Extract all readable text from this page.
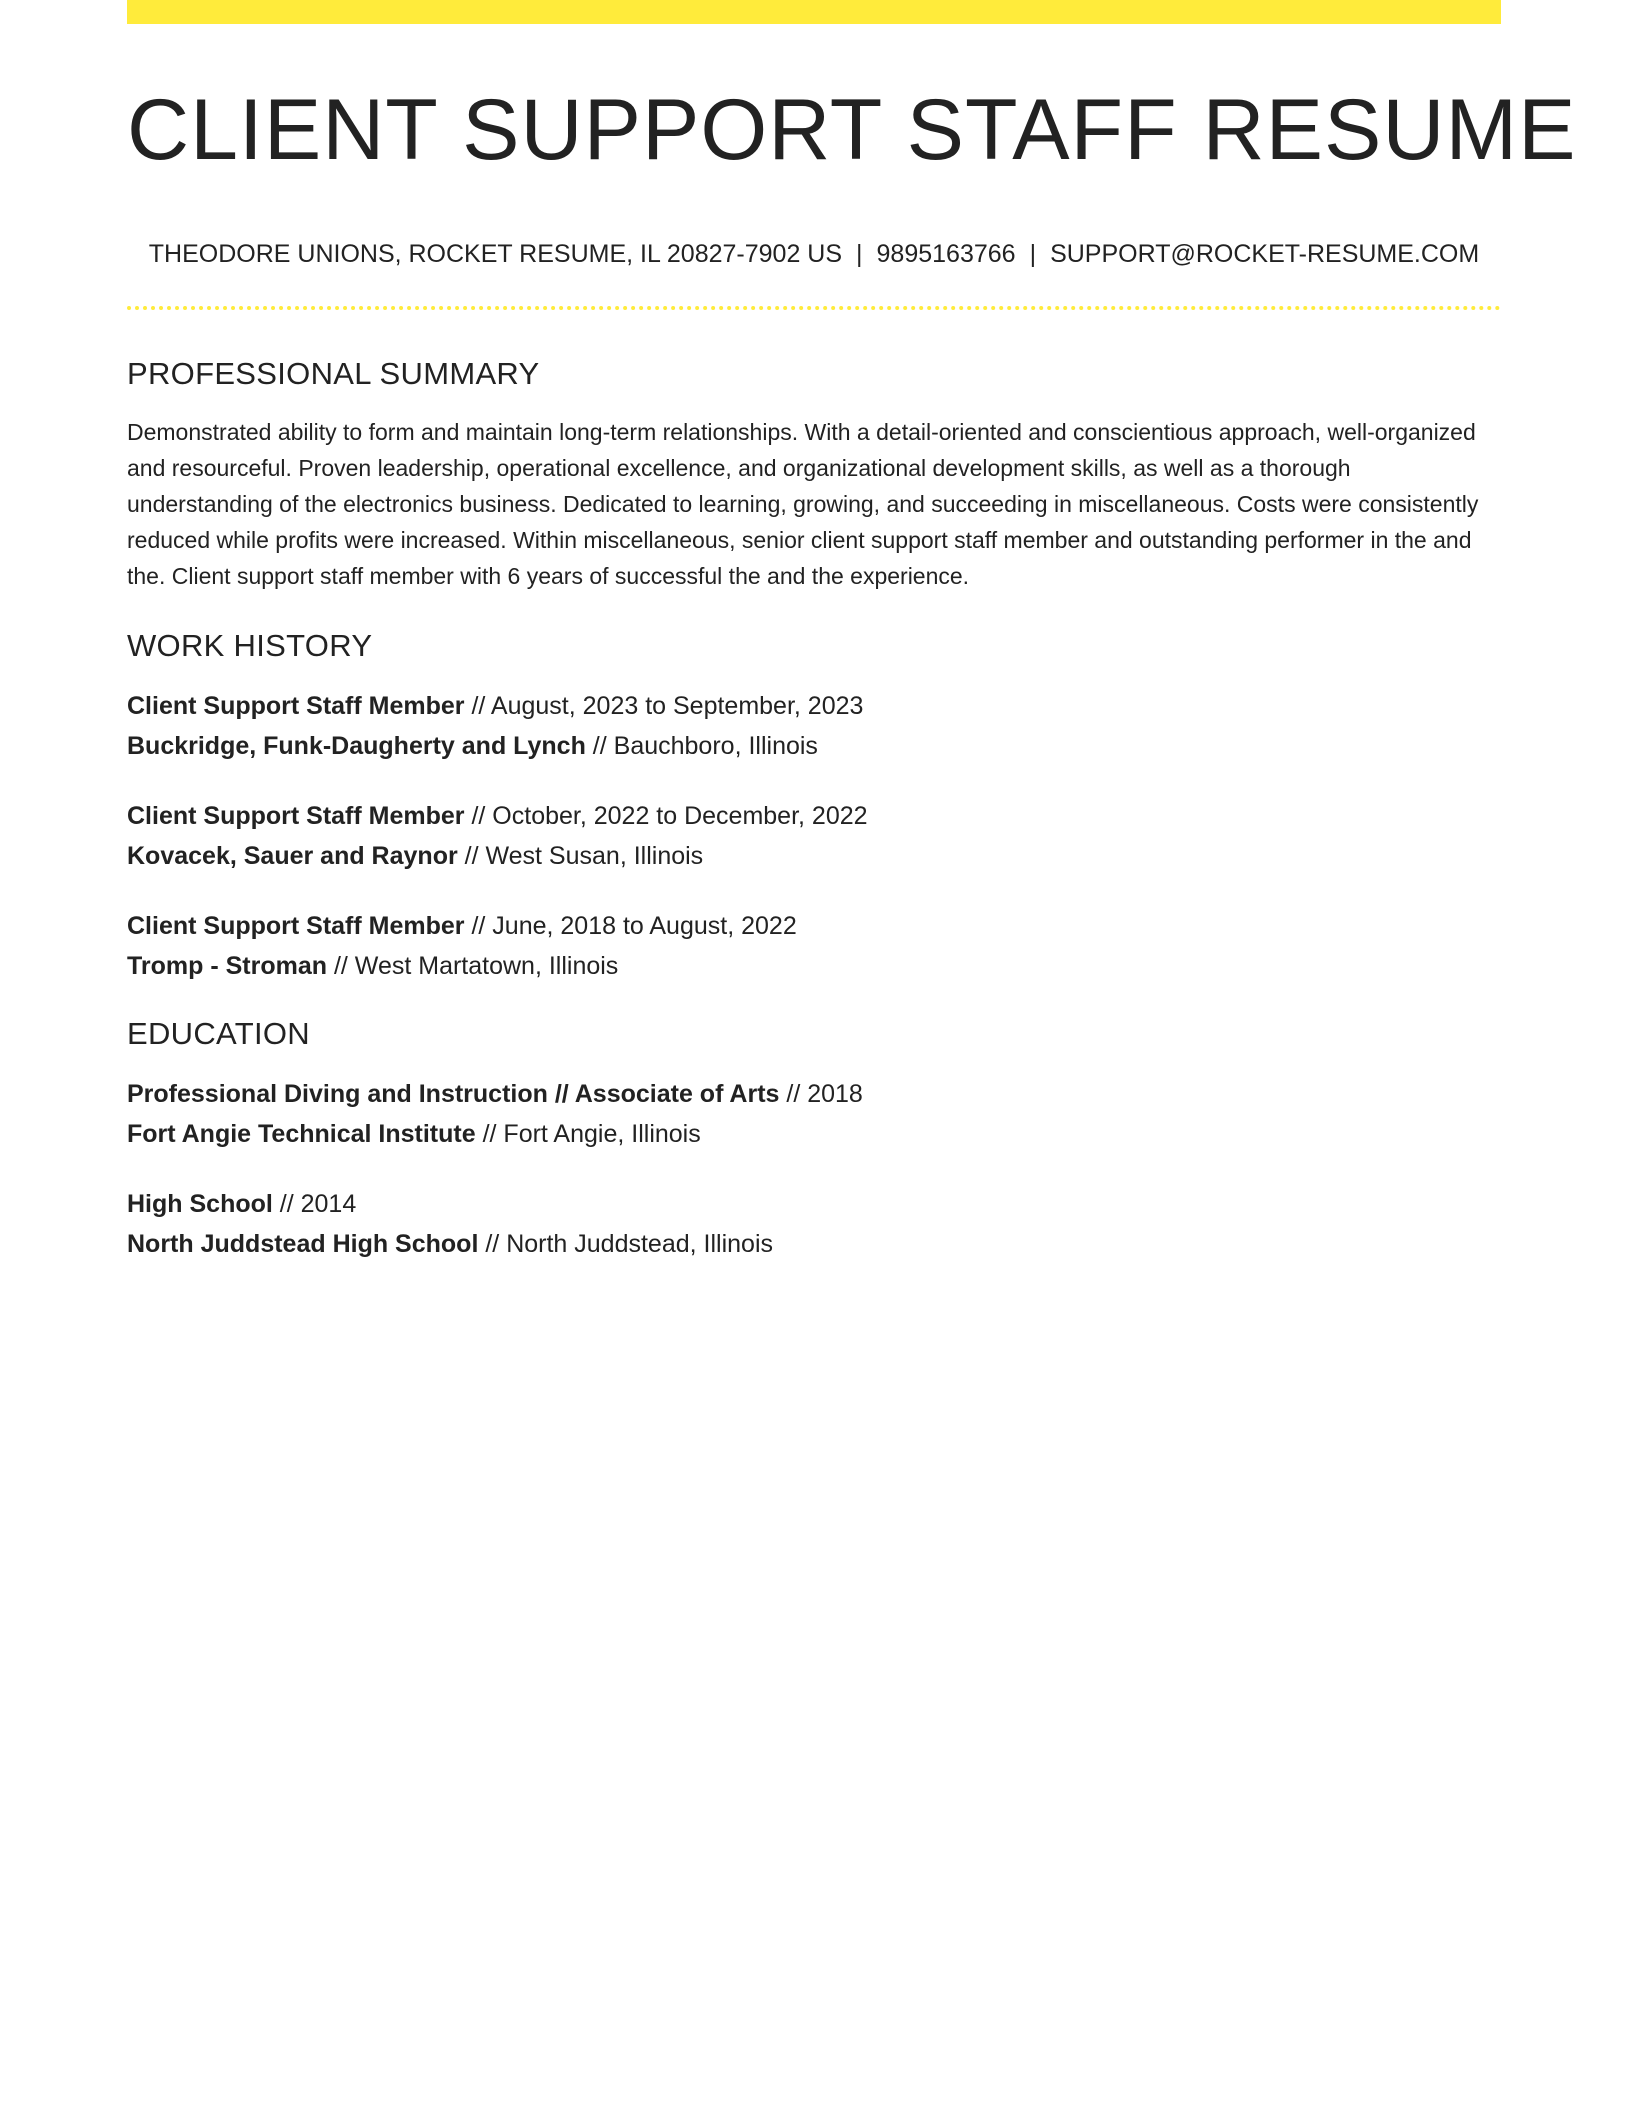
CLIENT SUPPORT STAFF RESUME
THEODORE UNIONS, ROCKET RESUME, IL 20827-7902 US | 9895163766 | SUPPORT@ROCKET-RESUME.COM
PROFESSIONAL SUMMARY

Demonstrated ability to form and maintain long-term relationships. With a detail-oriented and conscientious approach, well-organized and resourceful. Proven leadership, operational excellence, and organizational development skills, as well as a thorough understanding of the electronics business. Dedicated to learning, growing, and succeeding in miscellaneous. Costs were consistently reduced while profits were increased. Within miscellaneous, senior client support staff member and outstanding performer in the and the. Client support staff member with 6 years of successful the and the experience.

WORK HISTORY
Client Support Staff Member // August, 2023 to September, 2023
Buckridge, Funk-Daugherty and Lynch // Bauchboro, Illinois
Client Support Staff Member // October, 2022 to December, 2022
Kovacek, Sauer and Raynor // West Susan, Illinois
Client Support Staff Member // June, 2018 to August, 2022
Tromp - Stroman // West Martatown, Illinois
EDUCATION
Professional Diving and Instruction // Associate of Arts // 2018
Fort Angie Technical Institute // Fort Angie, Illinois
High School // 2014
North Juddstead High School // North Juddstead, Illinois
